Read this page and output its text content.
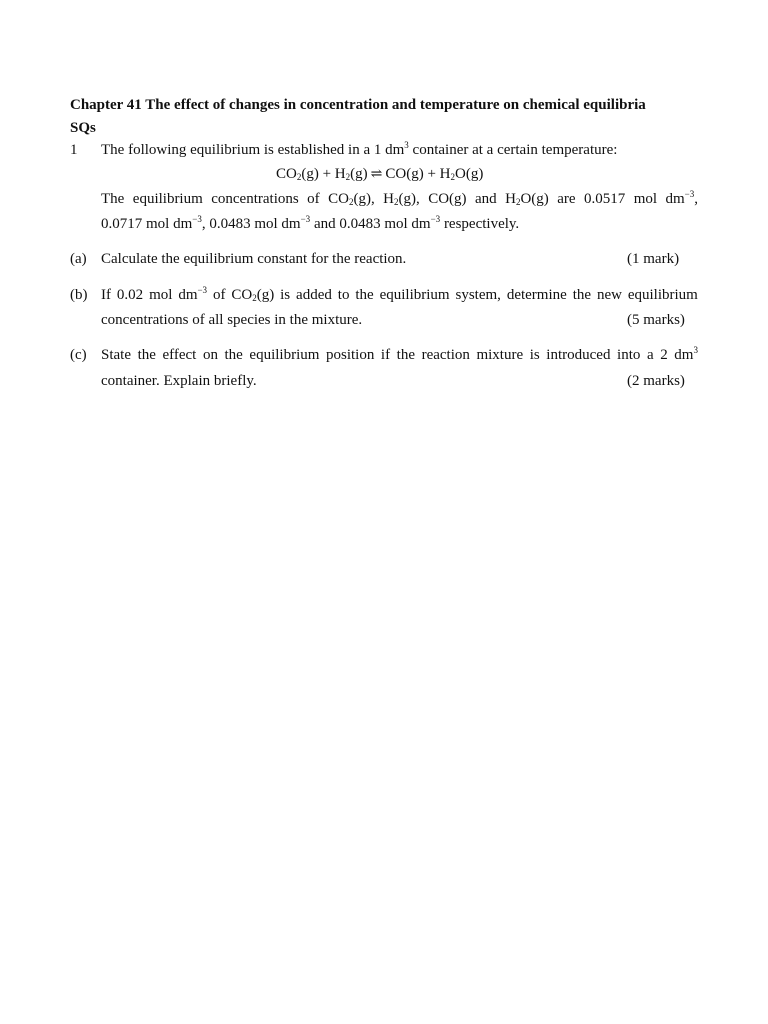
Chapter 41 The effect of changes in concentration and temperature on chemical equilibria
SQs
1 The following equilibrium is established in a 1 $dm^3$ container at a certain temperature:
$CO_2(g) + H_2(g)$ ⇌ $CO(g) + H_2O(g)$
The equilibrium concentrations of $CO_2(g)$, $H_2(g)$, CO(g) and $H_2O(g)$ are 0.0517 mol $dm^{-3}$,
0.0717 mol $dm^{-3}$, 0.0483 mol $dm^{-3}$ and 0.0483 mol $dm^{-3}$ respectively.
(a) Calculate the equilibrium constant for the reaction.	(1 mark)
(b) If 0.02 mol $dm^{-3}$ of $CO_2(g)$ is added to the equilibrium system, determine the new equilibrium
concentrations of all species in the mixture.	(5 marks)
(c) State the effect on the equilibrium position if the reaction mixture is introduced into a 2 $dm^3$
container. Explain briefly.	(2 marks)
